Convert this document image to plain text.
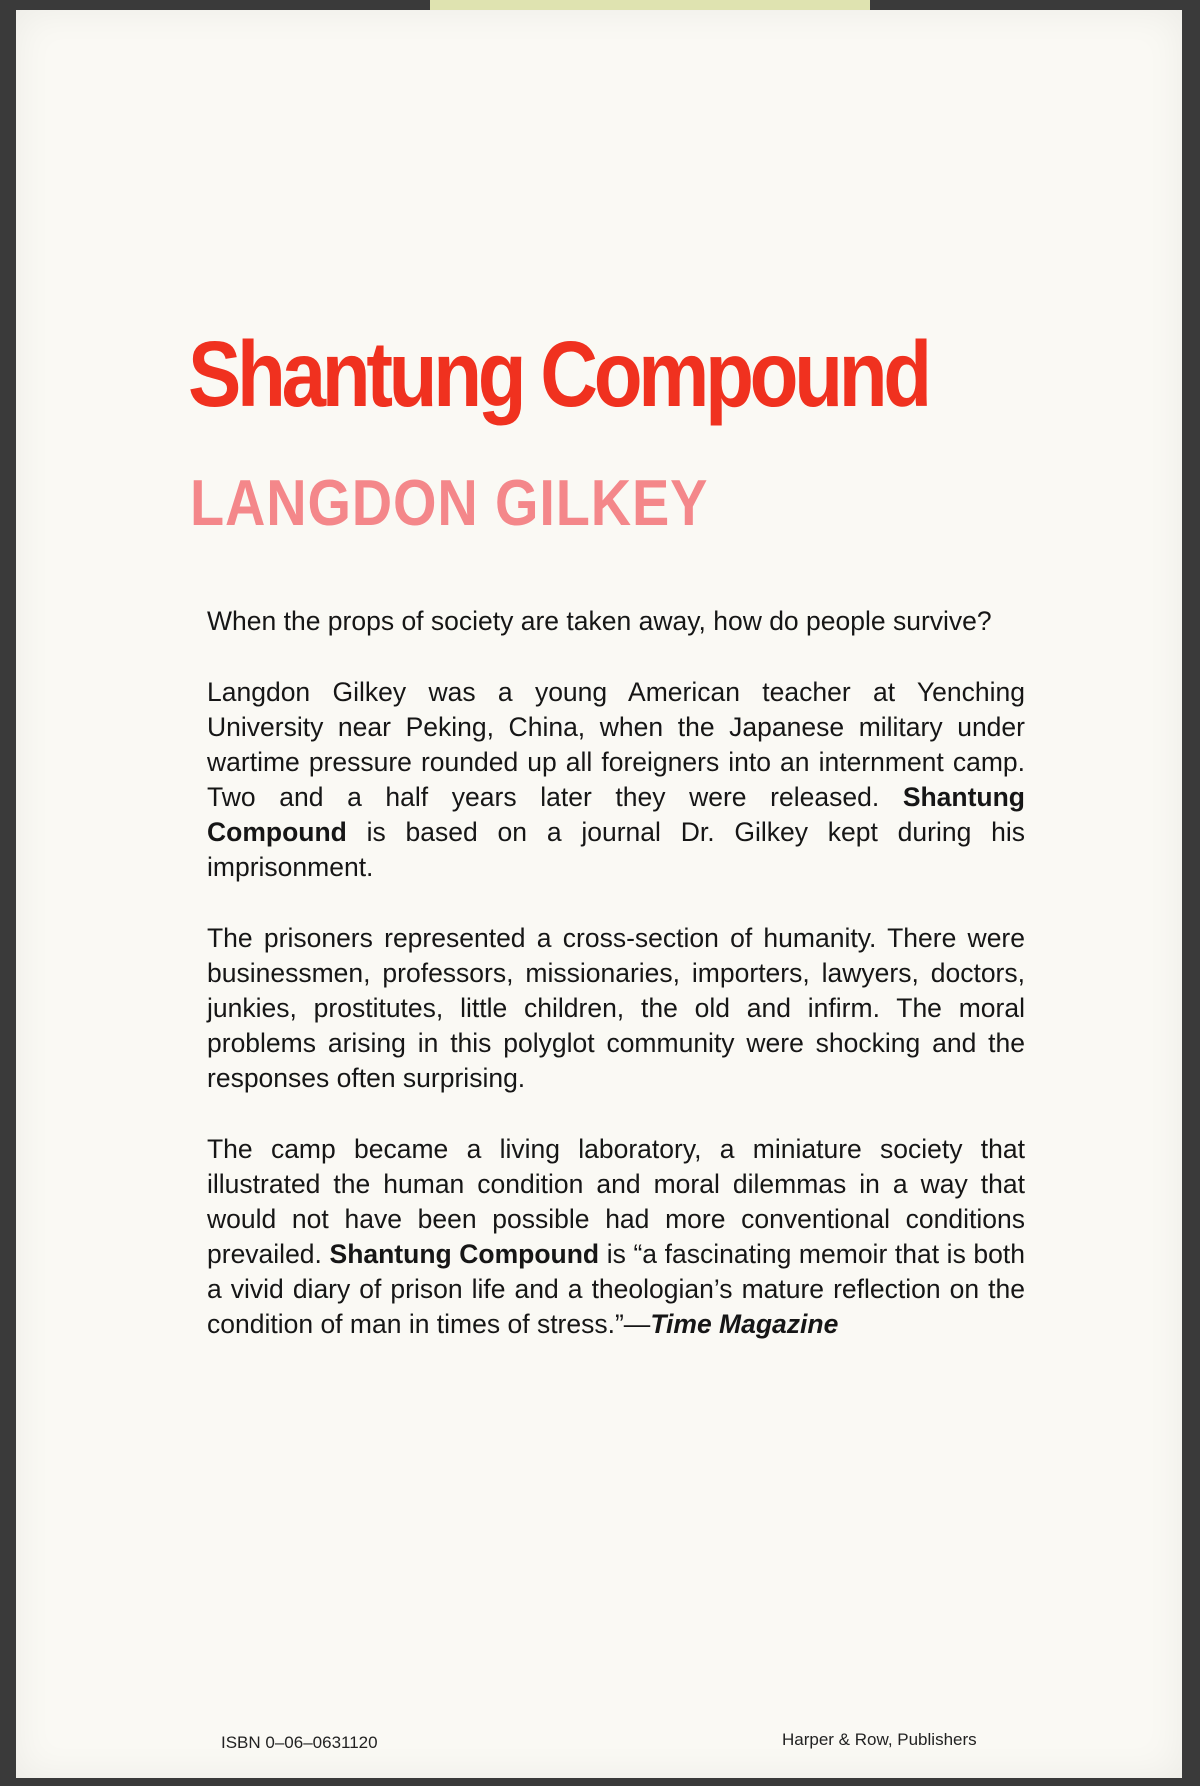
Shantung Compound
LANGDON GILKEY

When the props of society are taken away, how do people survive?

Langdon Gilkey was a young American teacher at Yenching University near Peking, China, when the Japanese military under wartime pressure rounded up all foreigners into an internment camp. Two and a half years later they were released. Shantung Compound is based on a journal Dr. Gilkey kept during his imprisonment.

The prisoners represented a cross-section of humanity. There were businessmen, professors, missionaries, importers, lawyers, doctors, junkies, prostitutes, little children, the old and infirm. The moral problems arising in this polyglot community were shocking and the responses often surprising.

The camp became a living laboratory, a miniature society that illustrated the human condition and moral dilemmas in a way that would not have been possible had more conventional conditions prevailed. Shantung Compound is “a fascinating memoir that is both a vivid diary of prison life and a theologian’s mature reflection on the condition of man in times of stress.”—Time Magazine

ISBN 0–06–0631120	Harper & Row, Publishers
